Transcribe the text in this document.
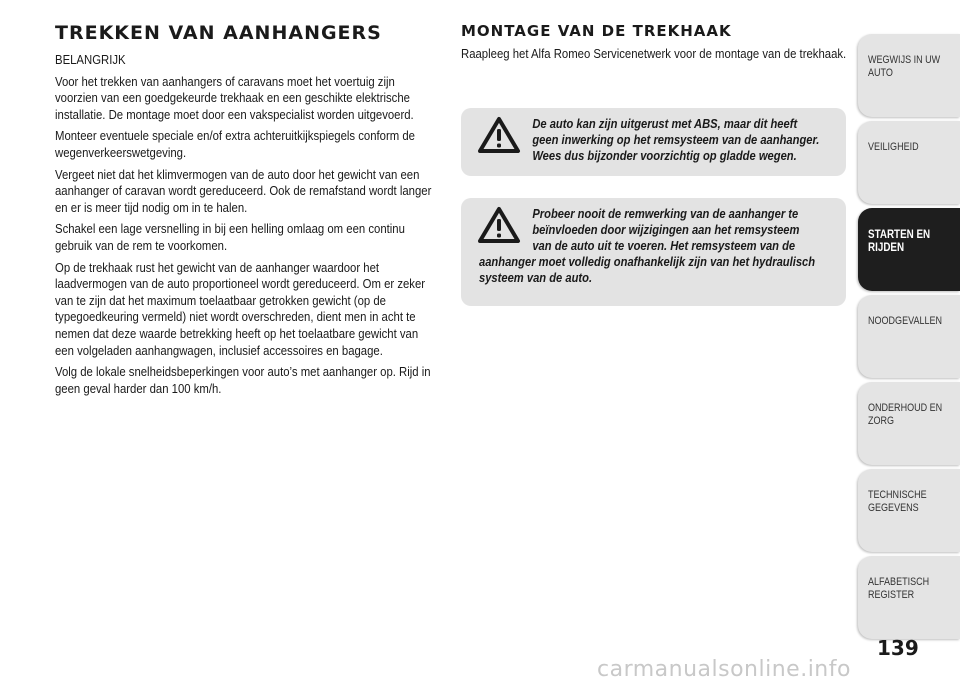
TREKKEN VAN AANHANGERS

BELANGRIJK

Voor het trekken van aanhangers of caravans moet het voertuig zijn voorzien van een goedgekeurde trekhaak en een geschikte elektrische installatie. De montage moet door een vakspecialist worden uitgevoerd.

Monteer eventuele speciale en/of extra achteruitkijkspiegels conform de wegenverkeerswetgeving.

Vergeet niet dat het klimvermogen van de auto door het gewicht van een aanhanger of caravan wordt gereduceerd. Ook de remafstand wordt langer en er is meer tijd nodig om in te halen.

Schakel een lage versnelling in bij een helling omlaag om een continu gebruik van de rem te voorkomen.

Op de trekhaak rust het gewicht van de aanhanger waardoor het laadvermogen van de auto proportioneel wordt gereduceerd. Om er zeker van te zijn dat het maximum toelaatbaar getrokken gewicht (op de typegoedkeuring vermeld) niet wordt overschreden, dient men in acht te nemen dat deze waarde betrekking heeft op het toelaatbare gewicht van een volgeladen aanhangwagen, inclusief accessoires en bagage.

Volg de lokale snelheidsbeperkingen voor auto’s met aanhanger op. Rijd in geen geval harder dan 100 km/h.

MONTAGE VAN DE TREKHAAK

Raapleeg het Alfa Romeo Servicenetwerk voor de montage van de trekhaak.

De auto kan zijn uitgerust met ABS, maar dit heeft geen inwerking op het remsysteem van de aanhanger. Wees dus bijzonder voorzichtig op gladde wegen.

Probeer nooit de remwerking van de aanhanger te beïnvloeden door wijzigingen aan het remsysteem van de auto uit te voeren. Het remsysteem van de aanhanger moet volledig onafhankelijk zijn van het hydraulisch systeem van de auto.

WEGWIJS IN UW AUTO
VEILIGHEID
STARTEN EN RIJDEN
NOODGEVALLEN
ONDERHOUD EN ZORG
TECHNISCHE GEGEVENS
ALFABETISCH REGISTER
139
carmanualsonline.info
